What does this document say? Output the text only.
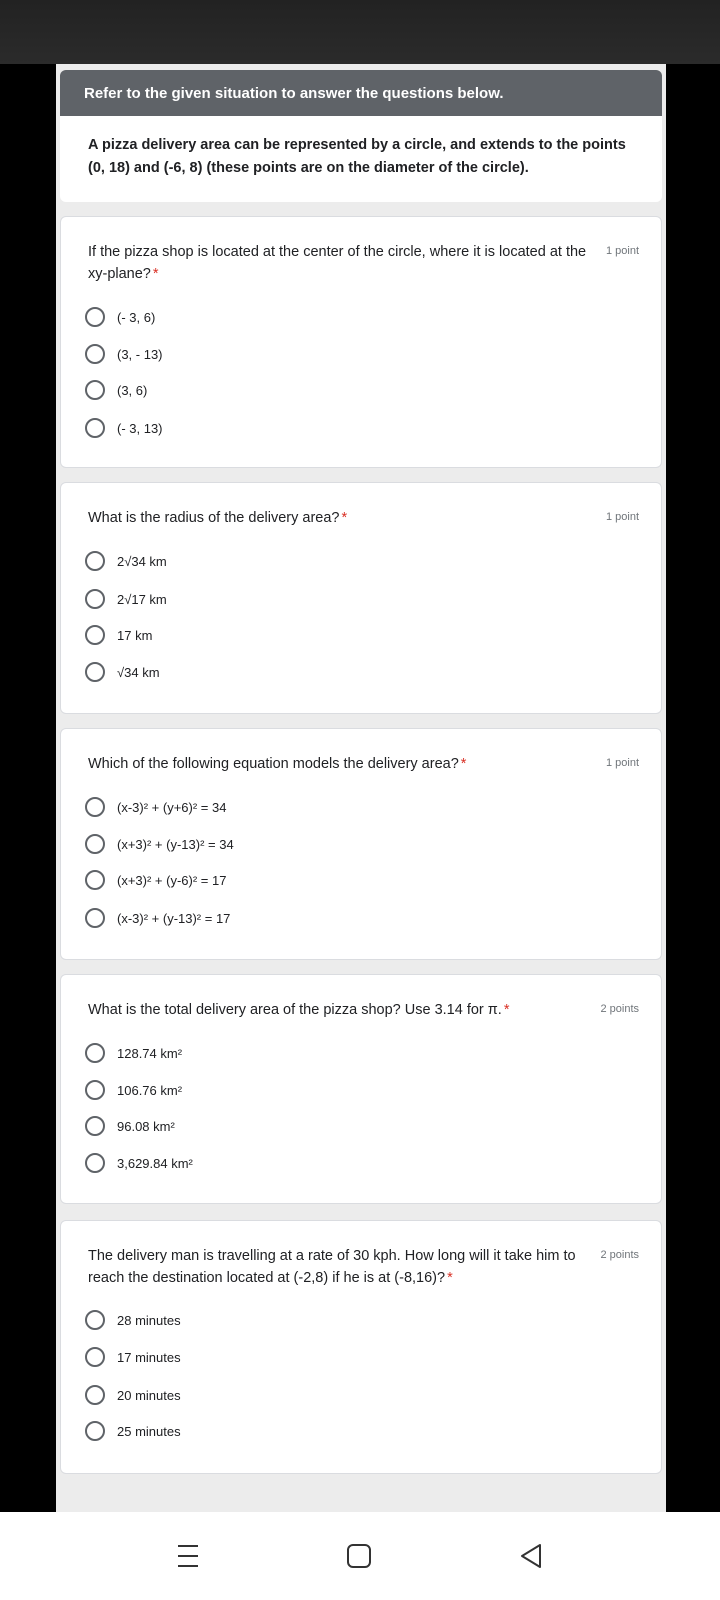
Refer to the given situation to answer the questions below.
A pizza delivery area can be represented by a circle, and extends to the points (0, 18) and (-6, 8) (these points are on the diameter of the circle).
If the pizza shop is located at the center of the circle, where it is located at the xy-plane? *
1 point
(- 3, 6)
(3, - 13)
(3, 6)
(- 3, 13)
What is the radius of the delivery area? *	1 point
2√34 km
2√17 km
17 km
√34 km
Which of the following equation models the delivery area? *	1 point
(x-3)² + (y+6)² = 34
(x+3)² + (y-13)² = 34
(x+3)² + (y-6)² = 17
(x-3)² + (y-13)² = 17
What is the total delivery area of the pizza shop? Use 3.14 for π. *	2 points
128.74 km²
106.76 km²
96.08 km²
3,629.84 km²
The delivery man is travelling at a rate of 30 kph. How long will it take him to reach the destination located at (-2,8) if he is at (-8,16)? *
2 points
28 minutes
17 minutes
20 minutes
25 minutes
